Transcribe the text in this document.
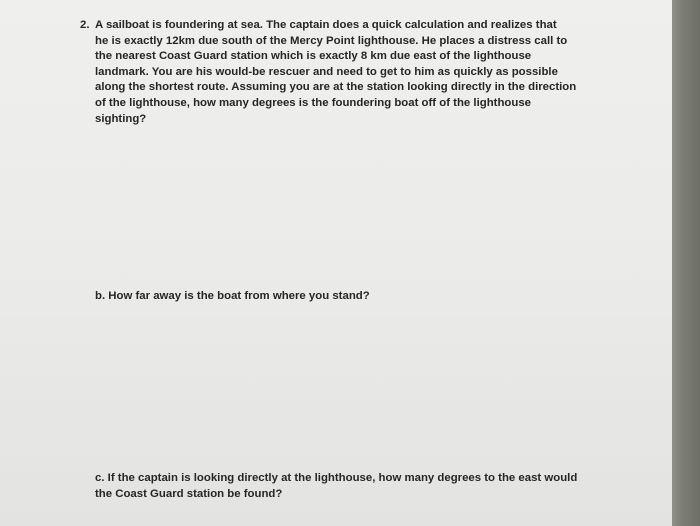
2. A sailboat is foundering at sea. The captain does a quick calculation and realizes that
he is exactly 12km due south of the Mercy Point lighthouse. He places a distress call to
the nearest Coast Guard station which is exactly 8 km due east of the lighthouse
landmark. You are his would-be rescuer and need to get to him as quickly as possible
along the shortest route. Assuming you are at the station looking directly in the direction
of the lighthouse, how many degrees is the foundering boat off of the lighthouse
sighting?
b. How far away is the boat from where you stand?
c. If the captain is looking directly at the lighthouse, how many degrees to the east would
the Coast Guard station be found?
